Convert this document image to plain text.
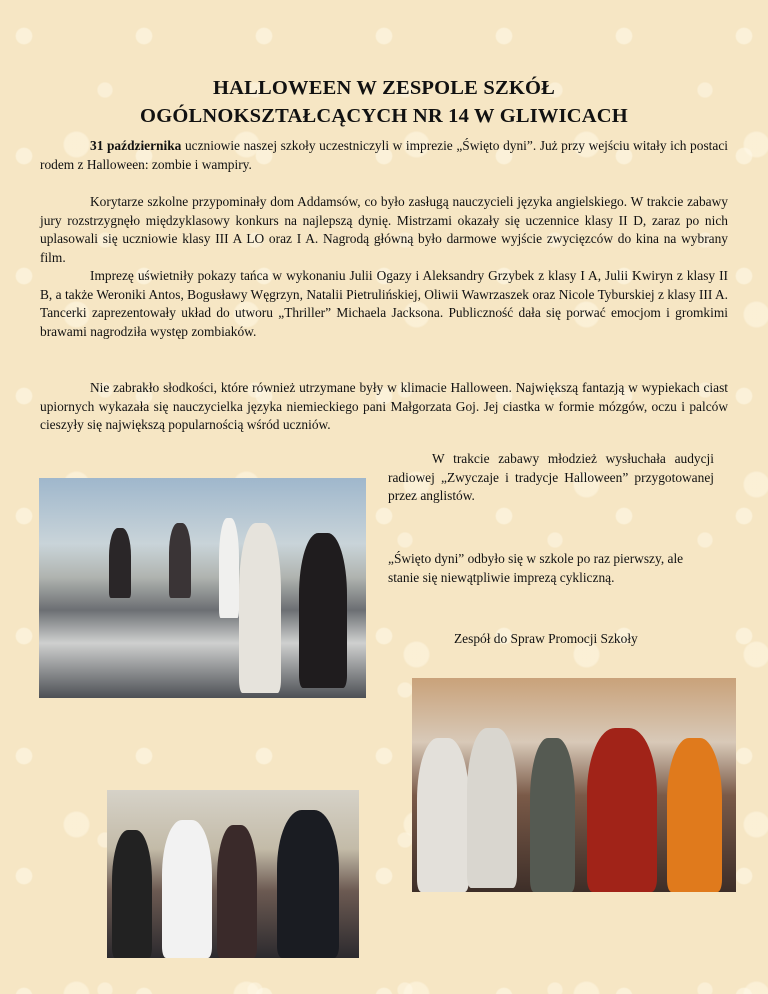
HALLOWEEN W ZESPOLE SZKÓŁ
OGÓLNOKSZTAŁCĄCYCH NR 14 W GLIWICACH

31 października uczniowie naszej szkoły uczestniczyli w imprezie „Święto dyni”. Już przy wejściu witały ich postaci rodem z Halloween: zombie i wampiry.

Korytarze szkolne przypominały dom Addamsów, co było zasługą nauczycieli języka angielskiego. W trakcie zabawy jury rozstrzygnęło międzyklasowy konkurs na najlepszą dynię. Mistrzami okazały się uczennice klasy II D, zaraz po nich uplasowali się uczniowie klasy III A LO oraz I A. Nagrodą główną było darmowe wyjście zwycięzców do kina na wybrany film.

Imprezę uświetniły pokazy tańca w wykonaniu Julii Ogazy i Aleksandry Grzybek z klasy I A, Julii Kwiryn z klasy II B, a także Weroniki Antos, Bogusławy Węgrzyn, Natalii Pietrulińskiej, Oliwii Wawrzaszek oraz Nicole Tyburskiej z klasy III A. Tancerki zaprezentowały układ do utworu „Thriller” Michaela Jacksona. Publiczność dała się porwać emocjom i gromkimi brawami nagrodziła występ zombiaków.

Nie zabrakło słodkości, które również utrzymane były w klimacie Halloween. Największą fantazją w wypiekach ciast upiornych wykazała się nauczycielka języka niemieckiego pani Małgorzata Goj. Jej ciastka w formie mózgów, oczu i palców cieszyły się największą popularnością wśród uczniów.

W trakcie zabawy młodzież wysłuchała audycji radiowej „Zwyczaje i tradycje Halloween” przygotowanej przez anglistów.

„Święto dyni” odbyło się w szkole po raz pierwszy, ale stanie się niewątpliwie imprezą cykliczną.

Zespół do Spraw Promocji Szkoły
